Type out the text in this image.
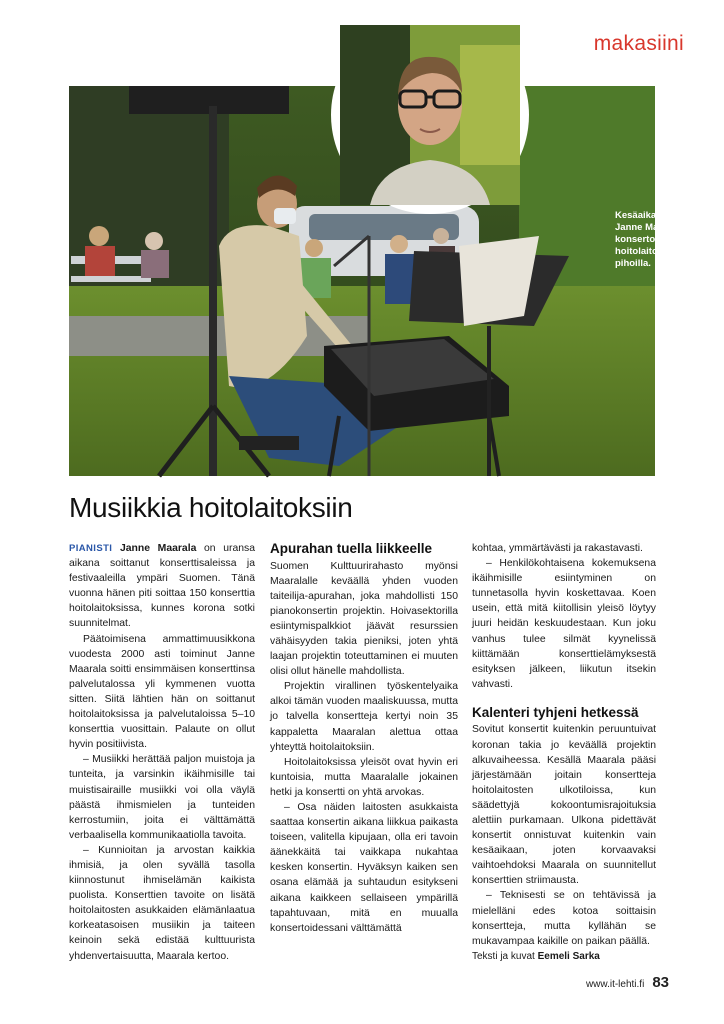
makasiini
Kesäaikaan
Janne Maarala
konsertoi vain
hoitolaitosten
pihoilla.
Musiikkia hoitolaitoksiin

PIANISTI Janne Maarala on uransa aikana soittanut konserttisaleissa ja festivaaleilla ympäri Suomen. Tänä vuonna hänen piti soittaa 150 konserttia hoitolaitoksissa, kunnes korona sotki suunnitelmat.

Päätoimisena ammattimuusikkona vuodesta 2000 asti toiminut Janne Maarala soitti ensimmäisen konserttinsa palvelutalossa yli kymmenen vuotta sitten. Siitä lähtien hän on soittanut hoitolaitoksissa ja palvelutaloissa 5–10 konserttia vuosittain. Palaute on ollut hyvin positiivista.

– Musiikki herättää paljon muistoja ja tunteita, ja varsinkin ikäihmisille tai muistisairaille musiikki voi olla väylä päästä ihmismielen ja tunteiden kerrostumiin, joita ei välttämättä verbaalisella kommunikaatiolla tavoita.

– Kunnioitan ja arvostan kaikkia ihmisiä, ja olen syvällä tasolla kiinnostunut ihmiselämän kaikista puolista. Konserttien tavoite on lisätä hoitolaitosten asukkaiden elämänlaatua korkeatasoisen musiikin ja taiteen keinoin sekä edistää kulttuurista yhdenvertaisuutta, Maarala kertoo.

Apurahan tuella liikkeelle

Suomen Kulttuurirahasto myönsi Maaralalle keväällä yhden vuoden taiteilija-apurahan, joka mahdollisti 150 pianokonsertin projektin. Hoivasektorilla esiintymispalkkiot jäävät resurssien vähäisyyden takia pieniksi, joten yhtä laajan projektin toteuttaminen ei muuten olisi ollut hänelle mahdollista.

Projektin virallinen työskentelyaika alkoi tämän vuoden maaliskuussa, mutta jo talvella konsertteja kertyi noin 35 kappaletta Maaralan alettua ottaa yhteyttä hoitolaitoksiin.

Hoitolaitoksissa yleisöt ovat hyvin eri kuntoisia, mutta Maaralalle jokainen hetki ja konsertti on yhtä arvokas.

– Osa näiden laitosten asukkaista saattaa konsertin aikana liikkua paikasta toiseen, valitella kipujaan, olla eri tavoin äänekkäitä tai vaikkapa nukahtaa kesken konsertin. Hyväksyn kaiken sen osana elämää ja suhtaudun esitykseni aikana kaikkeen sellaiseen ympärillä tapahtuvaan, mitä en muualla konsertoidessani välttämättä

kohtaa, ymmärtävästi ja rakastavasti.

– Henkilökohtaisena kokemuksena ikäihmisille esiintyminen on tunnetasolla hyvin koskettavaa. Koen usein, että mitä kiitollisin yleisö löytyy juuri heidän keskuudestaan. Kun joku vanhus tulee silmät kyynelissä kiittämään konserttielämyksestä esityksen jälkeen, liikutun itsekin vahvasti.

Kalenteri tyhjeni hetkessä

Sovitut konsertit kuitenkin peruuntuivat koronan takia jo keväällä projektin alkuvaiheessa. Kesällä Maarala pääsi järjestämään joitain konsertteja hoitolaitosten ulkotiloissa, kun säädettyjä kokoontumisrajoituksia alettiin purkamaan. Ulkona pidettävät konsertit onnistuvat kuitenkin vain kesäaikaan, joten korvaavaksi vaihtoehdoksi Maarala on suunnitellut konserttien striimausta.

– Teknisesti se on tehtävissä ja mielelläni edes kotoa soittaisin konsertteja, mutta kyllähän se mukavampaa kaikille on paikan päällä.

Teksti ja kuvat Eemeli Sarka

www.it-lehti.fi 83
